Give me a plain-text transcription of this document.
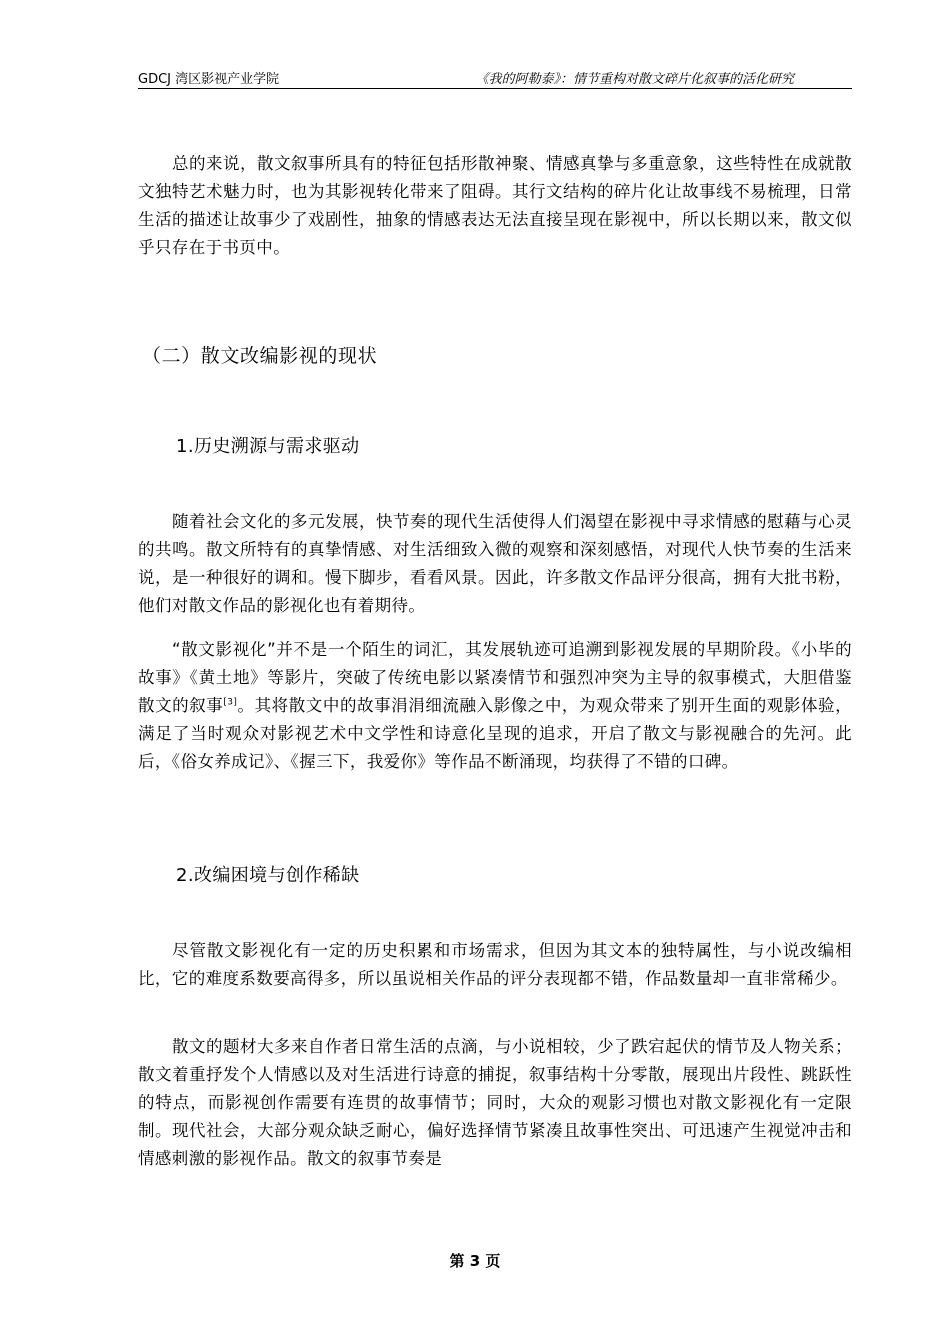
GDCJ 湾区影视产业学院	《我的阿勒泰》：情节重构对散文碎片化叙事的活化研究

总的来说，散文叙事所具有的特征包括形散神聚、情感真挚与多重意象，这些特性在成就散文独特艺术魅力时，也为其影视转化带来了阻碍。其行文结构的碎片化让故事线不易梳理，日常生活的描述让故事少了戏剧性，抽象的情感表达无法直接呈现在影视中，所以长期以来，散文似乎只存在于书页中。

（二）散文改编影视的现状
1.历史溯源与需求驱动

随着社会文化的多元发展，快节奏的现代生活使得人们渴望在影视中寻求情感的慰藉与心灵的共鸣。散文所特有的真挚情感、对生活细致入微的观察和深刻感悟，对现代人快节奏的生活来说，是一种很好的调和。慢下脚步，看看风景。因此，许多散文作品评分很高，拥有大批书粉，他们对散文作品的影视化也有着期待。

“散文影视化”并不是一个陌生的词汇，其发展轨迹可追溯到影视发展的早期阶段。《小毕的故事》《黄土地》等影片，突破了传统电影以紧凑情节和强烈冲突为主导的叙事模式，大胆借鉴散文的叙事[3]。其将散文中的故事涓涓细流融入影像之中，为观众带来了别开生面的观影体验，满足了当时观众对影视艺术中文学性和诗意化呈现的追求，开启了散文与影视融合的先河。此后，《俗女养成记》、《握三下，我爱你》等作品不断涌现，均获得了不错的口碑。

2.改编困境与创作稀缺

尽管散文影视化有一定的历史积累和市场需求，但因为其文本的独特属性，与小说改编相比，它的难度系数要高得多，所以虽说相关作品的评分表现都不错，作品数量却一直非常稀少。

散文的题材大多来自作者日常生活的点滴，与小说相较，少了跌宕起伏的情节及人物关系；散文着重抒发个人情感以及对生活进行诗意的捕捉，叙事结构十分零散，展现出片段性、跳跃性的特点，而影视创作需要有连贯的故事情节；同时，大众的观影习惯也对散文影视化有一定限制。现代社会，大部分观众缺乏耐心，偏好选择情节紧凑且故事性突出、可迅速产生视觉冲击和情感刺激的影视作品。散文的叙事节奏是

第 3 页
